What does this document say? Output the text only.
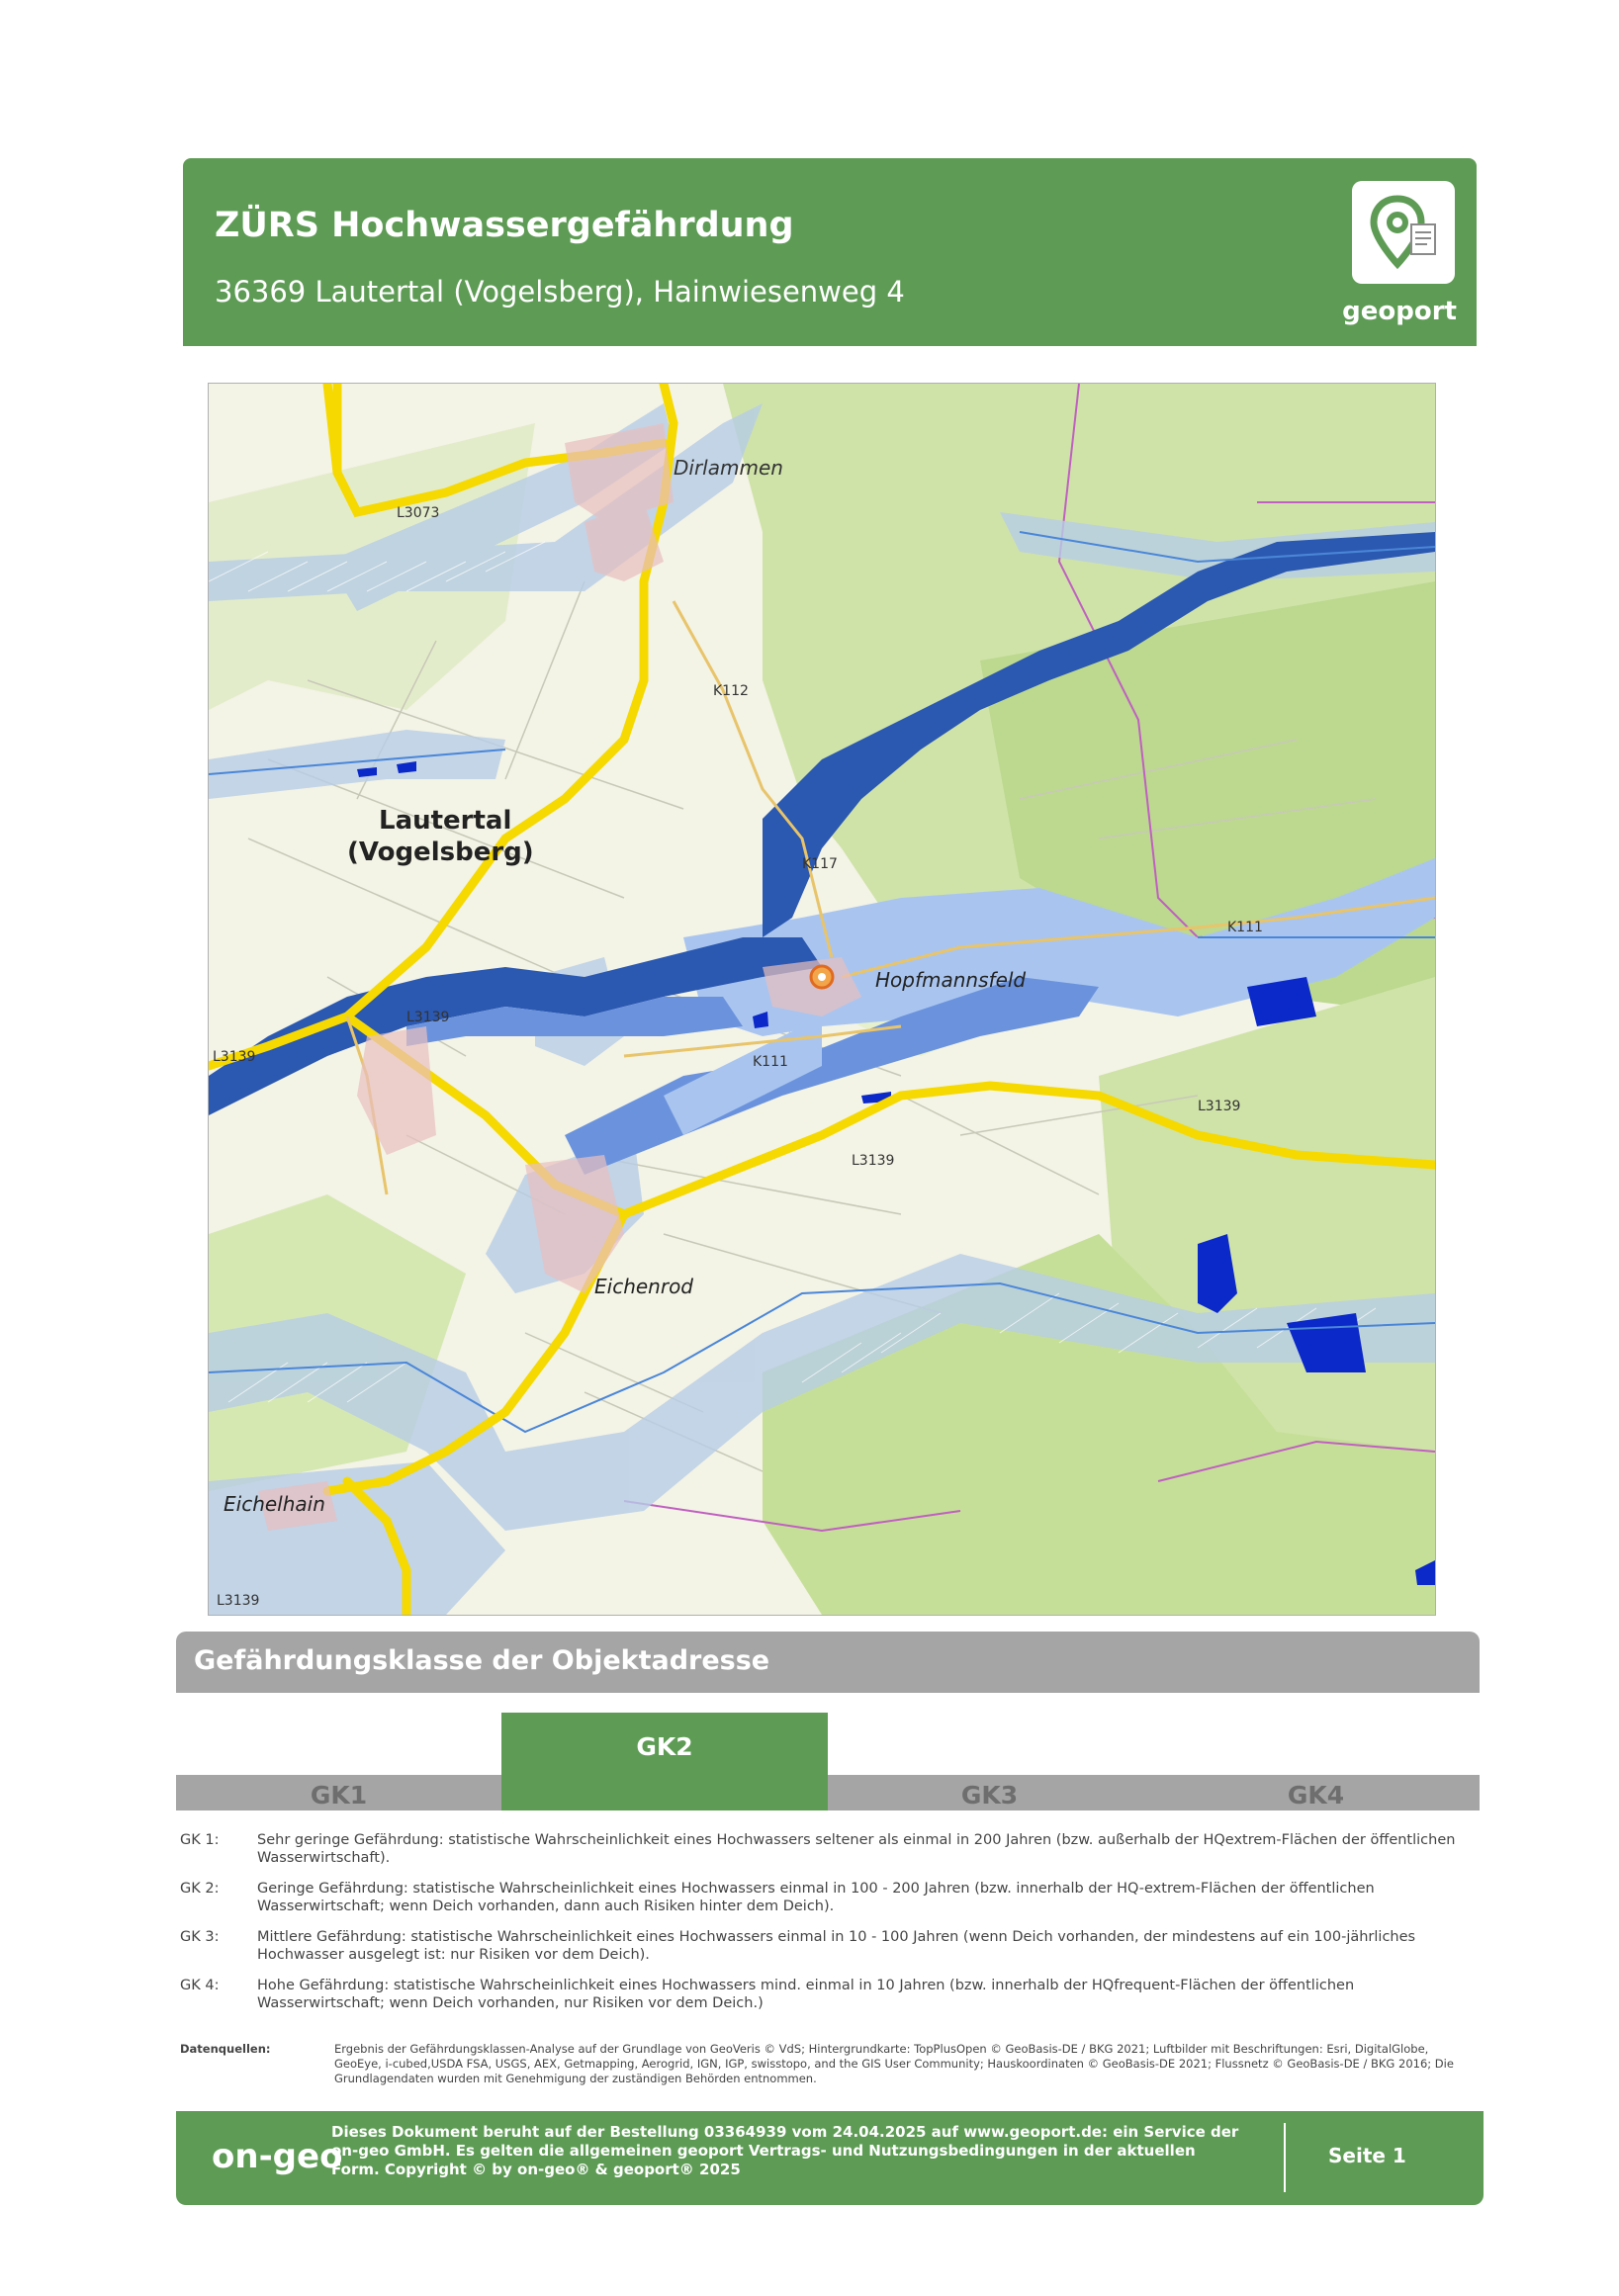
ZÜRS Hochwassergefährdung
36369 Lautertal (Vogelsberg), Hainwiesenweg 4
geoport
Dirlammen
Lautertal
(Vogelsberg)
Hopfmannsfeld
Eichenrod
Eichelhain
K112
K117
K111
L3139
L3139
L3139
L3139
L3073
K111
L3139
Gefährdungsklasse der Objektadresse
GK1	GK3	GK4
GK2
GK 1:	Sehr geringe Gefährdung: statistische Wahrscheinlichkeit eines Hochwassers seltener als einmal in 200 Jahren (bzw. außerhalb der HQextrem-Flächen der öffentlichen Wasserwirtschaft).
GK 2:	Geringe Gefährdung: statistische Wahrscheinlichkeit eines Hochwassers einmal in 100 - 200 Jahren (bzw. innerhalb der HQ-extrem-Flächen der öffentlichen Wasserwirtschaft; wenn Deich vorhanden, dann auch Risiken hinter dem Deich).
GK 3:	Mittlere Gefährdung: statistische Wahrscheinlichkeit eines Hochwassers einmal in 10 - 100 Jahren (wenn Deich vorhanden, der mindestens auf ein 100-jährliches Hochwasser ausgelegt ist: nur Risiken vor dem Deich).
GK 4:	Hohe Gefährdung: statistische Wahrscheinlichkeit eines Hochwassers mind. einmal in 10 Jahren (bzw. innerhalb der HQfrequent-Flächen der öffentlichen Wasserwirtschaft; wenn Deich vorhanden, nur Risiken vor dem Deich.)
Datenquellen:	Ergebnis der Gefährdungsklassen-Analyse auf der Grundlage von GeoVeris © VdS; Hintergrundkarte: TopPlusOpen © GeoBasis-DE / BKG 2021; Luftbilder mit Beschriftungen: Esri, DigitalGlobe, GeoEye, i-cubed,USDA FSA, USGS, AEX, Getmapping, Aerogrid, IGN, IGP, swisstopo, and the GIS User Community; Hauskoordinaten © GeoBasis-DE 2021; Flussnetz © GeoBasis-DE / BKG 2016; Die Grundlagendaten wurden mit Genehmigung der zuständigen Behörden entnommen.
on-geo
Dieses Dokument beruht auf der Bestellung 03364939 vom 24.04.2025 auf www.geoport.de: ein Service der on-geo GmbH. Es gelten die allgemeinen geoport Vertrags- und Nutzungsbedingungen in der aktuellen Form. Copyright © by on-geo® & geoport® 2025
Seite 1
